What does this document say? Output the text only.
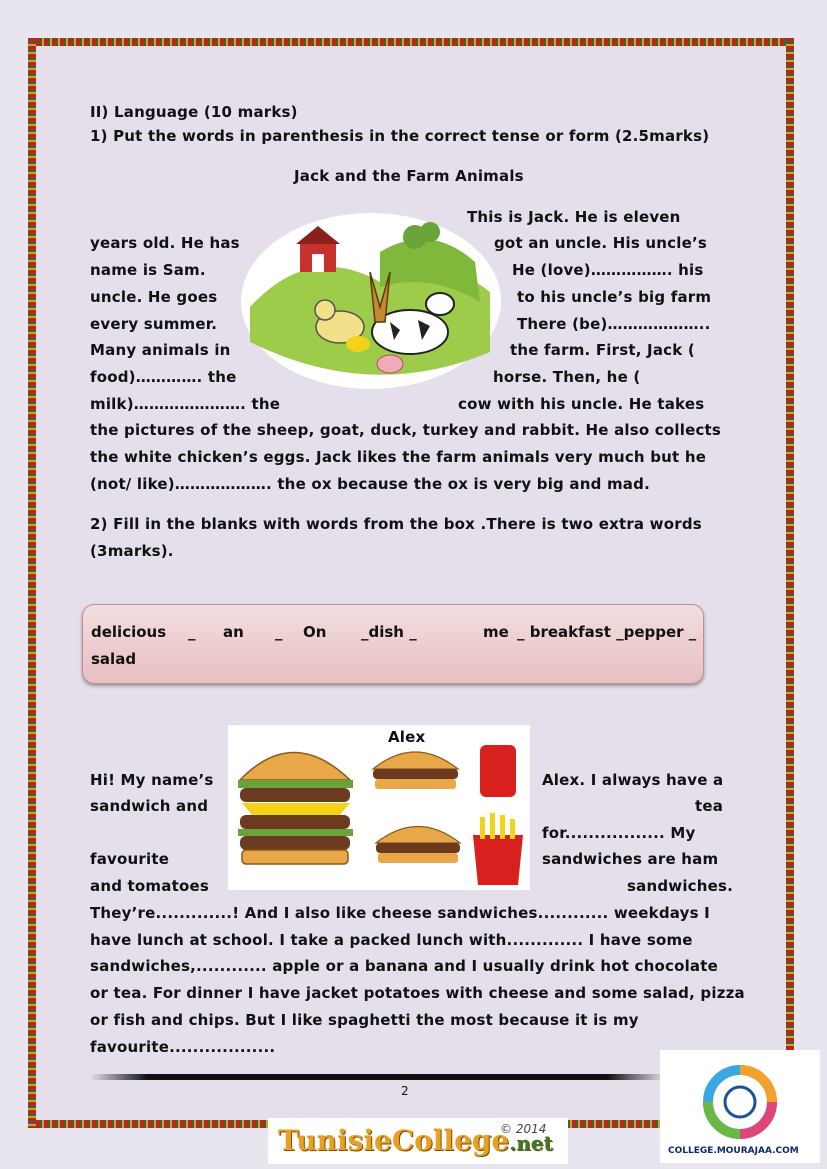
II) Language (10 marks)
1) Put the words in parenthesis in the correct tense or form (2.5marks)
Jack and the Farm Animals
years old. He has
name is Sam.
uncle. He goes
every summer.
Many animals in
food)…………. the
milk)…………………. the
This is Jack. He is eleven
got an uncle. His uncle’s
He (love)……………. his
to his uncle’s big farm
There (be)………………..
the farm. First, Jack (
horse. Then, he (
cow with his uncle. He takes
the pictures of the sheep, goat, duck, turkey and rabbit. He also collects
the white chicken’s eggs. Jack likes the farm animals very much but he
(not/ like)………………. the ox because the ox is very big and mad.
2) Fill in the blanks with words from the box .There is two extra words
(3marks).
delicious _ an _ On _dish _	me _ breakfast _pepper _
salad
Alex
Hi! My name’s
sandwich and
favourite
and tomatoes
Alex. I always have a
tea
for................. My
sandwiches are ham
sandwiches.
They’re.............! And I also like cheese sandwiches............ weekdays I
have lunch at school. I take a packed lunch with............. I have some
sandwiches,............ apple or a banana and I usually drink hot chocolate
or tea. For dinner I have jacket potatoes with cheese and some salad, pizza
or fish and chips. But I like spaghetti the most because it is my
favourite..................
2
TunisieCollege.net
© 2014
COLLEGE.MOURAJAA.COM
